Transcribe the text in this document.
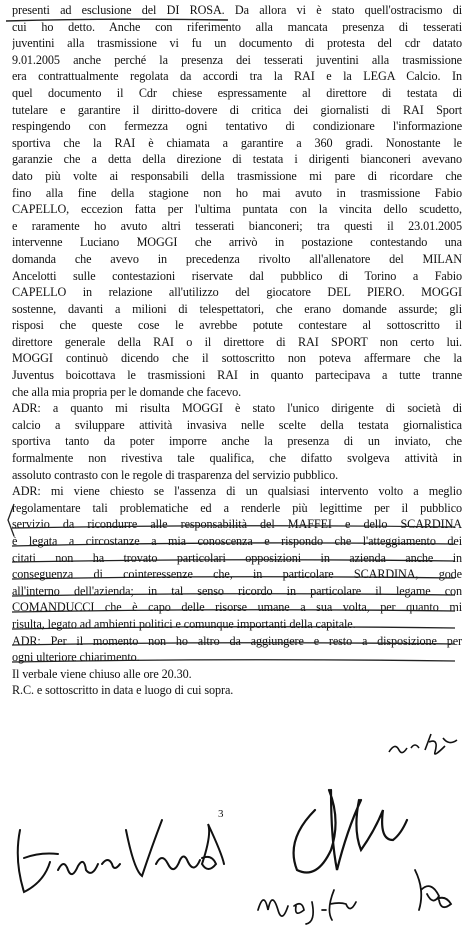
presenti ad esclusione del DI ROSA. Da allora vi è stato quell'ostracismo di
cui ho detto. Anche con riferimento alla mancata presenza di tesserati
juventini alla trasmissione vi fu un documento di protesta del cdr datato
9.01.2005 anche perché la presenza dei tesserati juventini alla trasmissione
era contrattualmente regolata da accordi tra la RAI e la LEGA Calcio. In
quel documento il Cdr chiese espressamente al direttore di testata di
tutelare e garantire il diritto-dovere di critica dei giornalisti di RAI Sport
respingendo con fermezza ogni tentativo di condizionare l'informazione
sportiva che la RAI è chiamata a garantire a 360 gradi. Nonostante le
garanzie che a detta della direzione di testata i dirigenti bianconeri avevano
dato più volte ai responsabili della trasmissione mi pare di ricordare che
fino alla fine della stagione non ho mai avuto in trasmissione Fabio
CAPELLO, eccezion fatta per l'ultima puntata con la vincita dello scudetto,
e raramente ho avuto altri tesserati bianconeri; tra questi il 23.01.2005
intervenne Luciano MOGGI che arrivò in postazione contestando una
domanda che avevo in precedenza rivolto all'allenatore del MILAN
Ancelotti sulle contestazioni riservate dal pubblico di Torino a Fabio
CAPELLO in relazione all'utilizzo del giocatore DEL PIERO. MOGGI
sostenne, davanti a milioni di telespettatori, che erano domande assurde; gli
risposi che queste cose le avrebbe potute contestare al sottoscritto il
direttore generale della RAI o il direttore di RAI SPORT non certo lui.
MOGGI continuò dicendo che il sottoscritto non poteva affermare che la
Juventus boicottava le trasmissioni RAI in quanto partecipava a tutte tranne
che alla mia propria per le domande che facevo.
ADR: a quanto mi risulta MOGGI è stato l'unico dirigente di società di
calcio a sviluppare attività invasiva nelle scelte della testata giornalistica
sportiva tanto da poter imporre anche la presenza di un inviato, che
formalmente non rivestiva tale qualifica, che difatto svolgeva attività in
assoluto contrasto con le regole di trasparenza del servizio pubblico.
ADR: mi viene chiesto se l'assenza di un qualsiasi intervento volto a meglio
regolamentare tali problematiche ed a renderle più legittime per il pubblico
servizio da ricondurre alle responsabilità del MAFFEI e dello SCARDINA
è legata a circostanze a mia conoscenza e rispondo che l'atteggiamento dei
citati non ha trovato particolari opposizioni in azienda anche in
conseguenza di cointeressenze che, in particolare SCARDINA, gode
all'interno dell'azienda; in tal senso ricordo in particolare il legame con
COMANDUCCI che è capo delle risorse umane a sua volta, per quanto mi
risulta, legato ad ambienti politici e comunque importanti della capitale.
ADR: Per il momento non ho altro da aggiungere e resto a disposizione per
ogni ulteriore chiarimento.
Il verbale viene chiuso alle ore 20.30.
R.C. e sottoscritto in data e luogo di cui sopra.
3
